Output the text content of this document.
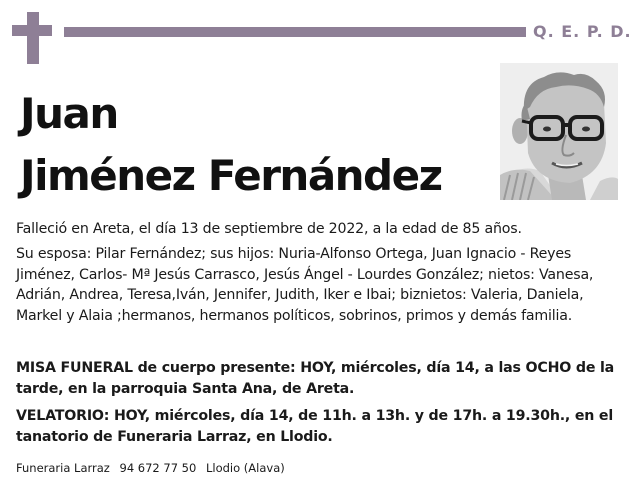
Q. E. P. D.
Juan
Jiménez Fernández
Falleció en Areta, el día 13 de septiembre de 2022, a la edad de 85 años.
Su esposa: Pilar Fernández; sus hijos: Nuria-Alfonso Ortega, Juan Ignacio - Reyes Jiménez, Carlos- Mª Jesús Carrasco, Jesús Ángel - Lourdes González; nietos: Vanesa, Adrián, Andrea, Teresa,Iván, Jennifer, Judith, Iker e Ibai; biznietos: Valeria, Daniela, Markel y Alaia ;hermanos, hermanos políticos, sobrinos, primos y demás familia.
MISA FUNERAL de cuerpo presente: HOY, miércoles, día 14, a las OCHO de la tarde, en la parroquia Santa Ana, de Areta.
VELATORIO: HOY, miércoles, día 14, de 11h. a 13h. y de 17h. a 19.30h., en el tanatorio de Funeraria Larraz, en Llodio.
Funeraria Larraz 94 672 77 50 Llodio (Alava)
